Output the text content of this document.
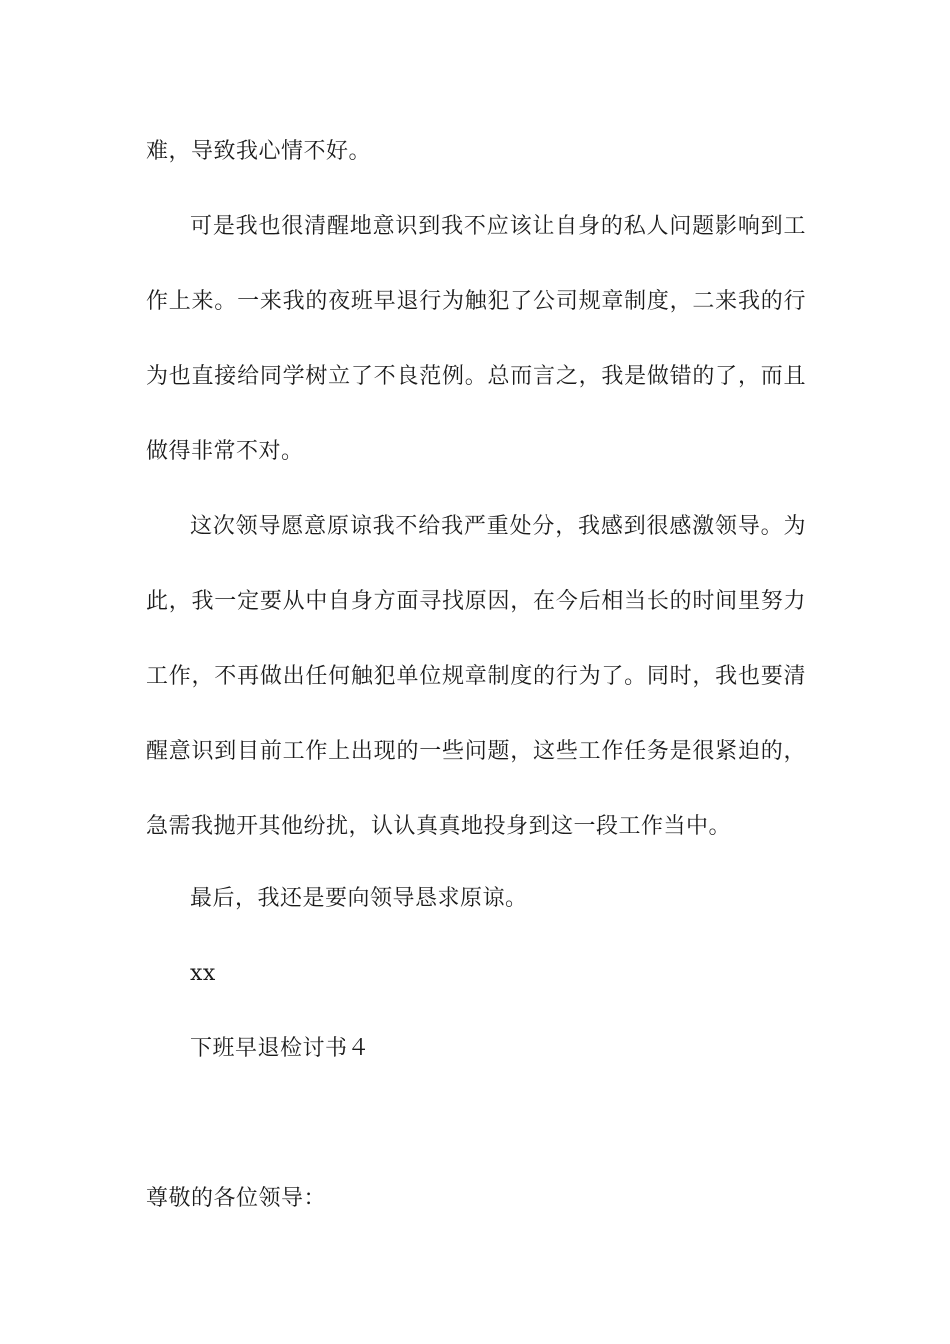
难，导致我心情不好。
可是我也很清醒地意识到我不应该让自身的私人问题影响到工
作上来。一来我的夜班早退行为触犯了公司规章制度，二来我的行
为也直接给同学树立了不良范例。总而言之，我是做错的了，而且
做得非常不对。
这次领导愿意原谅我不给我严重处分，我感到很感激领导。为
此，我一定要从中自身方面寻找原因，在今后相当长的时间里努力
工作，不再做出任何触犯单位规章制度的行为了。同时，我也要清
醒意识到目前工作上出现的一些问题，这些工作任务是很紧迫的，
急需我抛开其他纷扰，认认真真地投身到这一段工作当中。
最后，我还是要向领导恳求原谅。
xx
下班早退检讨书４
尊敬的各位领导：
